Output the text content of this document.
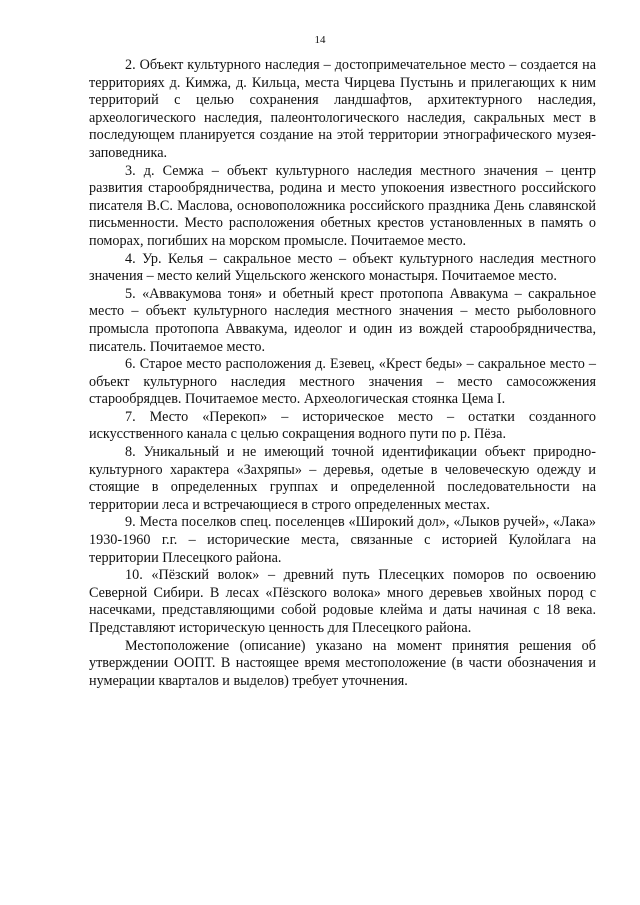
14

2. Объект культурного наследия – достопримечательное место – создается на территориях д. Кимжа, д. Кильца, места Чирцева Пустынь и прилегающих к ним территорий с целью сохранения ландшафтов, архитектурного наследия, археологического наследия, палеонтологического наследия, сакральных мест в последующем планируется создание на этой территории этнографического музея-заповедника.

3. д. Семжа – объект культурного наследия местного значения – центр развития старообрядничества, родина и место упокоения известного российского писателя В.С. Маслова, основоположника российского праздника День славянской письменности. Место расположения обетных крестов установленных в память о поморах, погибших на морском промысле. Почитаемое место.

4. Ур. Келья – сакральное место – объект культурного наследия местного значения – место келий Ущельского женского монастыря. Почитаемое место.

5. «Аввакумова тоня» и обетный крест протопопа Аввакума – сакральное место – объект культурного наследия местного значения – место рыболовного промысла протопопа Аввакума, идеолог и один из вождей старообрядничества, писатель. Почитаемое место.

6. Старое место расположения д. Езевец, «Крест беды» – сакральное место – объект культурного наследия местного значения – место самосожжения старообрядцев. Почитаемое место. Археологическая стоянка Цема I.

7. Место «Перекоп» – историческое место – остатки созданного искусственного канала с целью сокращения водного пути по р. Пёза.

8. Уникальный и не имеющий точной идентификации объект природно-культурного характера «Захряпы» – деревья, одетые в человеческую одежду и стоящие в определенных группах и определенной последовательности на территории леса и встречающиеся в строго определенных местах.

9. Места поселков спец. поселенцев «Широкий дол», «Лыков ручей», «Лака» 1930-1960 г.г. – исторические места, связанные с историей Кулойлага на территории Плесецкого района.

10. «Пёзский волок» – древний путь Плесецких поморов по освоению Северной Сибири. В лесах «Пёзского волока» много деревьев хвойных пород с насечками, представляющими собой родовые клейма и даты начиная с 18 века. Представляют историческую ценность для Плесецкого района.

Местоположение (описание) указано на момент принятия решения об утверждении ООПТ. В настоящее время местоположение (в части обозначения и нумерации кварталов и выделов) требует уточнения.
